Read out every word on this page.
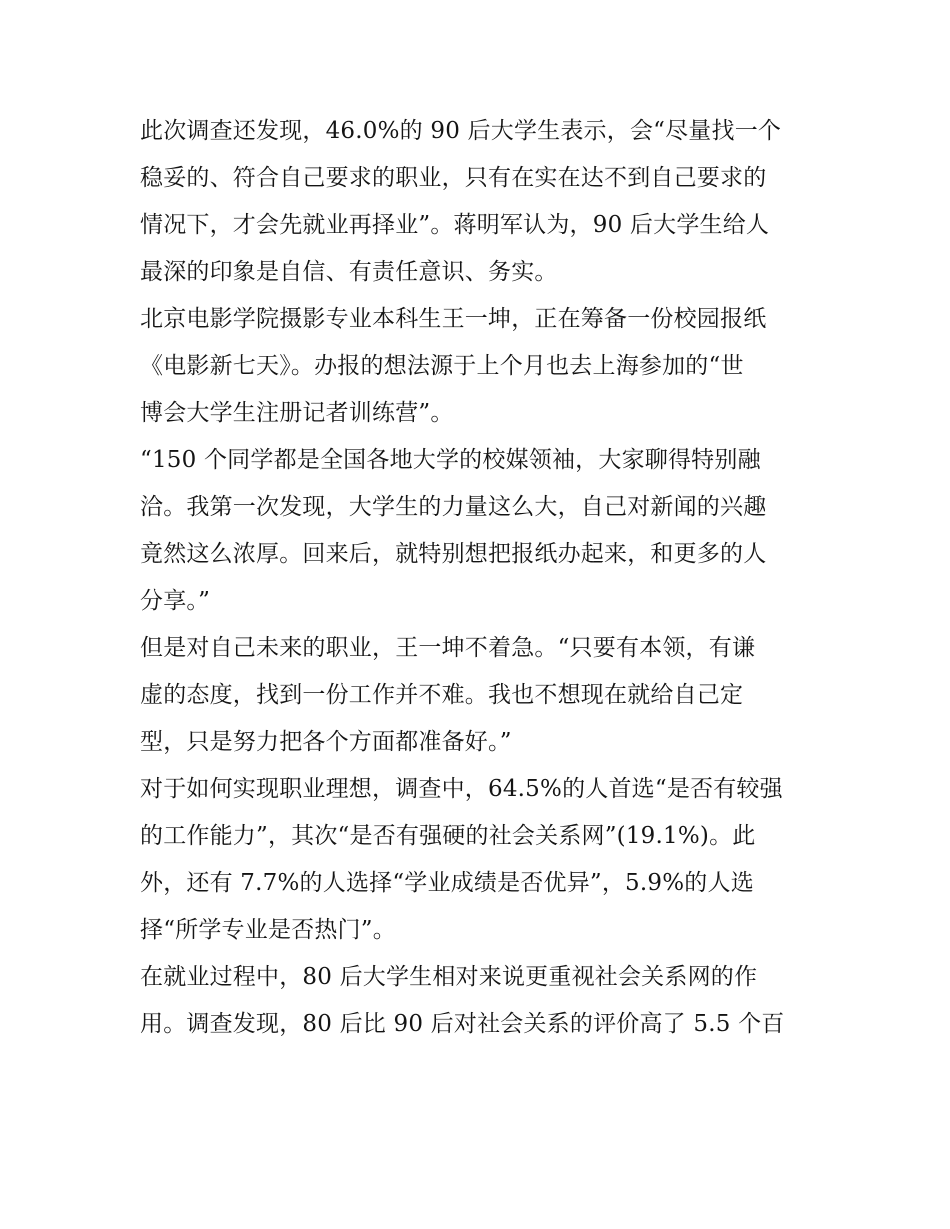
此次调查还发现，46.0%的 90 后大学生表示，会“尽量找一个
稳妥的、符合自己要求的职业，只有在实在达不到自己要求的
情况下，才会先就业再择业”。蒋明军认为，90 后大学生给人
最深的印象是自信、有责任意识、务实。
北京电影学院摄影专业本科生王一坤，正在筹备一份校园报纸
《电影新七天》。办报的想法源于上个月也去上海参加的“世
博会大学生注册记者训练营”。
“150 个同学都是全国各地大学的校媒领袖，大家聊得特别融
洽。我第一次发现，大学生的力量这么大，自己对新闻的兴趣
竟然这么浓厚。回来后，就特别想把报纸办起来，和更多的人
分享。”
但是对自己未来的职业，王一坤不着急。“只要有本领，有谦
虚的态度，找到一份工作并不难。我也不想现在就给自己定
型，只是努力把各个方面都准备好。”
对于如何实现职业理想，调查中，64.5%的人首选“是否有较强
的工作能力”，其次“是否有强硬的社会关系网”(19.1%)。此
外，还有 7.7%的人选择“学业成绩是否优异”，5.9%的人选
择“所学专业是否热门”。
在就业过程中，80 后大学生相对来说更重视社会关系网的作
用。调查发现，80 后比 90 后对社会关系的评价高了 5.5 个百
